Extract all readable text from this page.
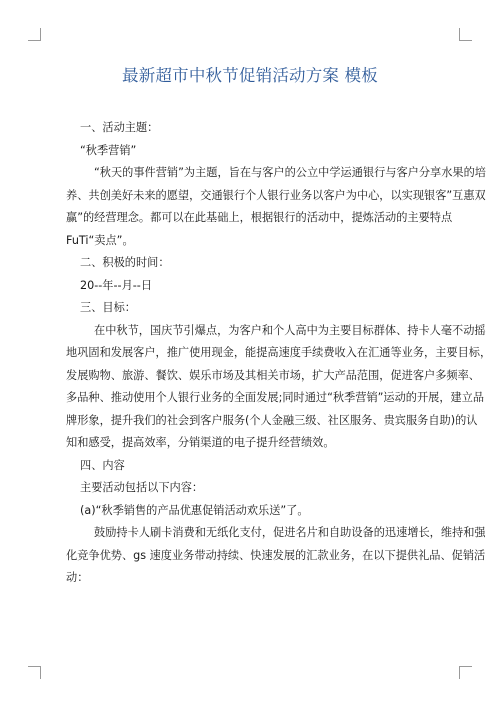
最新超市中秋节促销活动方案 模板

一、活动主题：

“秋季营销”

“秋天的事件营销”为主题，旨在与客户的公立中学运通银行与客户分享水果的培
养、共创美好未来的愿望，交通银行个人银行业务以客户为中心，以实现银客”互惠双
赢”的经营理念。都可以在此基础上，根据银行的活动中，提炼活动的主要特点
FuTi“卖点”。

二、积极的时间：

20--年--月--日

三、目标：

在中秋节，国庆节引爆点，为客户和个人高中为主要目标群体、持卡人毫不动摇
地巩固和发展客户，推广使用现金，能提高速度手续费收入在汇通等业务，主要目标，
发展购物、旅游、餐饮、娱乐市场及其相关市场，扩大产品范围，促进客户多频率、
多品种、推动使用个人银行业务的全面发展;同时通过“秋季营销”运动的开展，建立品
牌形象，提升我们的社会到客户服务(个人金融三级、社区服务、贵宾服务自助)的认
知和感受，提高效率，分销渠道的电子提升经营绩效。

四、内容

主要活动包括以下内容：

(a)“秋季销售的产品优惠促销活动欢乐送”了。

鼓励持卡人刷卡消费和无纸化支付，促进名片和自助设备的迅速增长，维持和强
化竞争优势、gs 速度业务带动持续、快速发展的汇款业务，在以下提供礼品、促销活
动：
